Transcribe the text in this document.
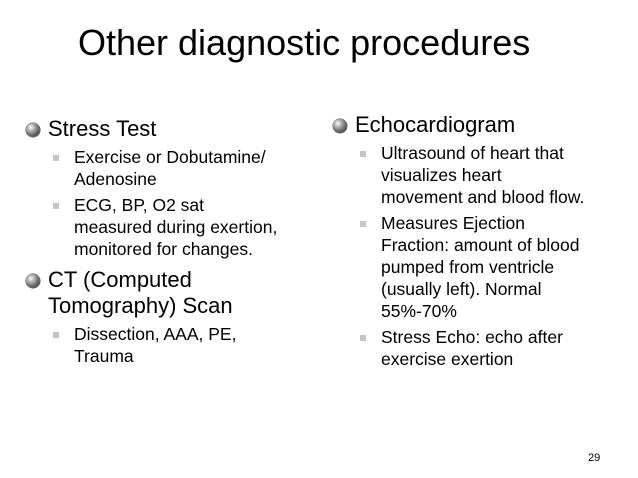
Other diagnostic procedures
Stress Test
Exercise or Dobutamine/
Adenosine
ECG, BP, O2 sat
measured during exertion,
monitored for changes.
CT (Computed
Tomography) Scan
Dissection, AAA, PE,
Trauma
Echocardiogram
Ultrasound of heart that
visualizes heart
movement and blood flow.
Measures Ejection
Fraction: amount of blood
pumped from ventricle
(usually left). Normal
55%-70%
Stress Echo: echo after
exercise exertion
29
